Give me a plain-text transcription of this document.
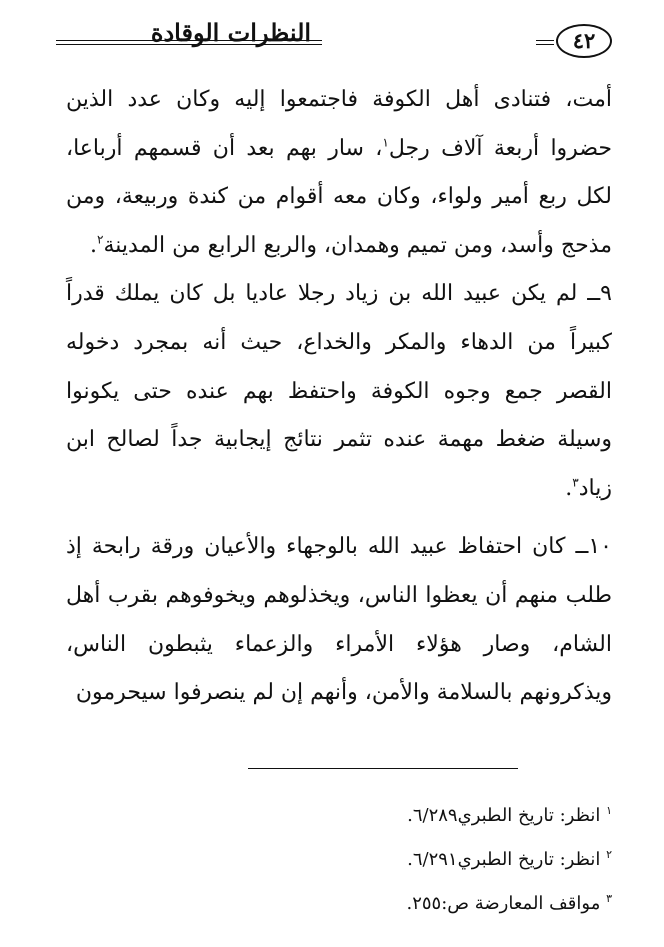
٤٢
النظرات الوقادة

أمت، فتنادى أهل الكوفة فاجتمعوا إليه وكان عدد الذين حضروا أربعة آلاف رجل$^١$، سار بهم بعد أن قسمهم أرباعا، لكل ربع أمير ولواء، وكان معه أقوام من كندة وربيعة، ومن مذحج وأسد، ومن تميم وهمدان، والربع الرابع من المدينة$^٢$.

٩ــ لم يكن عبيد الله بن زياد رجلا عاديا بل كان يملك قدراً كبيراً من الدهاء والمكر والخداع، حيث أنه بمجرد دخوله القصر جمع وجوه الكوفة واحتفظ بهم عنده حتى يكونوا وسيلة ضغط مهمة عنده تثمر نتائج إيجابية جداً لصالح ابن زياد$^٣$.

١٠ــ كان احتفاظ عبيد الله بالوجهاء والأعيان ورقة رابحة إذ طلب منهم أن يعظوا الناس، ويخذلوهم ويخوفوهم بقرب أهل الشام، وصار هؤلاء الأمراء والزعماء يثبطون الناس، ويذكرونهم بالسلامة والأمن، وأنهم إن لم ينصرفوا سيحرمون

$^١$ انظر: تاريخ الطبري٦/٢٨٩.

$^٢$ انظر: تاريخ الطبري٦/٢٩١.

$^٣$ مواقف المعارضة ص:٢٥٥.
